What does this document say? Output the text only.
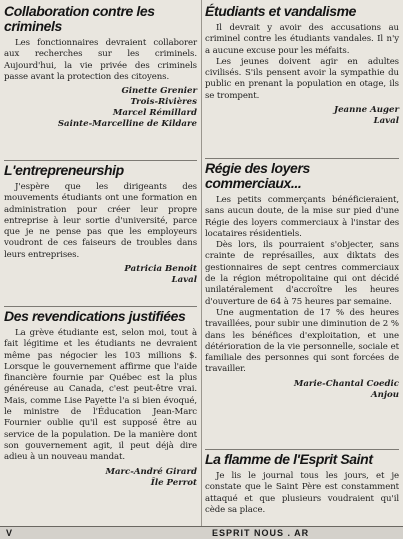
Collaboration contre les criminels

Les fonctionnaires devraient collaborer aux recherches sur les criminels. Aujourd'hui, la vie privée des criminels passe avant la protection des citoyens.

Ginette Grenier
Trois-Rivières
Marcel Rémillard
Sainte-Marcelline de Kildare
L'entrepreneurship

J'espère que les dirigeants des mouvements étudiants ont une formation en administration pour créer leur propre entreprise à leur sortie d'université, parce que je ne pense pas que les employeurs voudront de ces faiseurs de troubles dans leurs entreprises.

Patricia Benoit
Laval
Des revendications justifiées

La grève étudiante est, selon moi, tout à fait légitime et les étudiants ne devraient même pas négocier les 103 millions $. Lorsque le gouvernement affirme que l'aide financière fournie par Québec est la plus généreuse au Canada, c'est peut-être vrai. Mais, comme Lise Payette l'a si bien évoqué, le ministre de l'Éducation Jean-Marc Fournier oublie qu'il est supposé être au service de la population. De la manière dont son gouvernement agit, il peut déjà dire adieu à un nouveau mandat.

Marc-André Girard
Île Perrot
Étudiants et vandalisme

Il devrait y avoir des accusations au criminel contre les étudiants vandales. Il n'y a aucune excuse pour les méfaits.

Les jeunes doivent agir en adultes civilisés. S'ils pensent avoir la sympathie du public en prenant la population en otage, ils se trompent.

Jeanne Auger
Laval
Régie des loyers commerciaux...

Les petits commerçants bénéficieraient, sans aucun doute, de la mise sur pied d'une Régie des loyers commerciaux à l'instar des locataires résidentiels.

Dès lors, ils pourraient s'objecter, sans crainte de représailles, aux diktats des gestionnaires de sept centres commerciaux de la région métropolitaine qui ont décidé unilatéralement d'accroître les heures d'ouverture de 64 à 75 heures par semaine.

Une augmentation de 17 % des heures travaillées, pour subir une diminution de 2 % dans les bénéfices d'exploitation, et une détérioration de la vie personnelle, sociale et familiale des personnes qui sont forcées de travailler.

Marie-Chantal Coedic
Anjou
La flamme de l'Esprit Saint

Je lis le journal tous les jours, et je constate que le Saint Père est constamment attaqué et que plusieurs voudraient qu'il cède sa place.

V	ESPRIT NOUS . AR
